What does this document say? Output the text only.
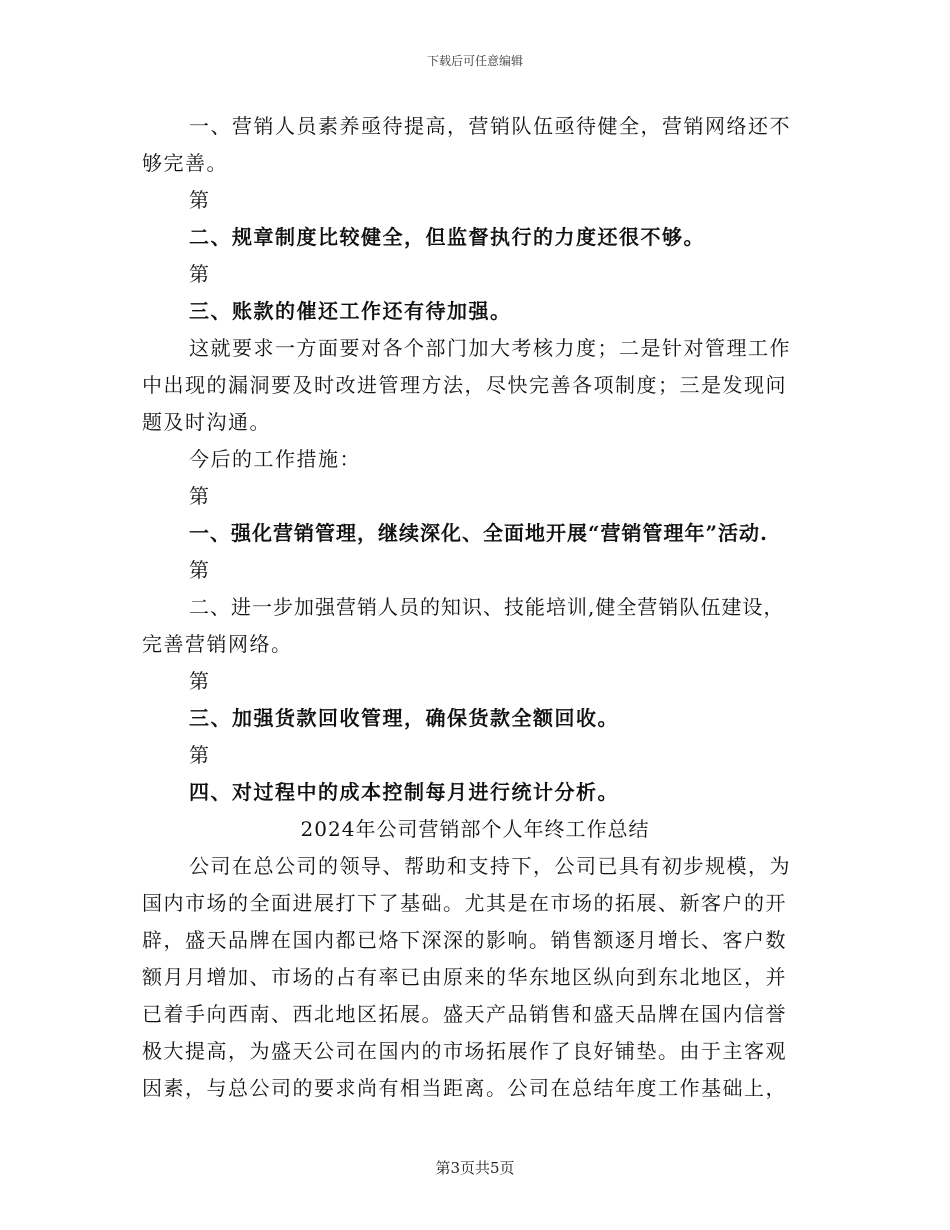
下载后可任意编辑
一、营销人员素养亟待提高，营销队伍亟待健全，营销网络还不
够完善。
第
二、规章制度比较健全，但监督执行的力度还很不够。
第
三、账款的催还工作还有待加强。
这就要求一方面要对各个部门加大考核力度；二是针对管理工作
中出现的漏洞要及时改进管理方法，尽快完善各项制度；三是发现问
题及时沟通。
今后的工作措施：
第
一、强化营销管理，继续深化、全面地开展“营销管理年”活动.
第
二、进一步加强营销人员的知识、技能培训,健全营销队伍建设，
完善营销网络。
第
三、加强货款回收管理，确保货款全额回收。
第
四、对过程中的成本控制每月进行统计分析。
2024年公司营销部个人年终工作总结
公司在总公司的领导、帮助和支持下，公司已具有初步规模，为
国内市场的全面进展打下了基础。尤其是在市场的拓展、新客户的开
辟，盛天品牌在国内都已烙下深深的影响。销售额逐月增长、客户数
额月月增加、市场的占有率已由原来的华东地区纵向到东北地区，并
已着手向西南、西北地区拓展。盛天产品销售和盛天品牌在国内信誉
极大提高，为盛天公司在国内的市场拓展作了良好铺垫。由于主客观
因素，与总公司的要求尚有相当距离。公司在总结年度工作基础上，
第3页共5页
